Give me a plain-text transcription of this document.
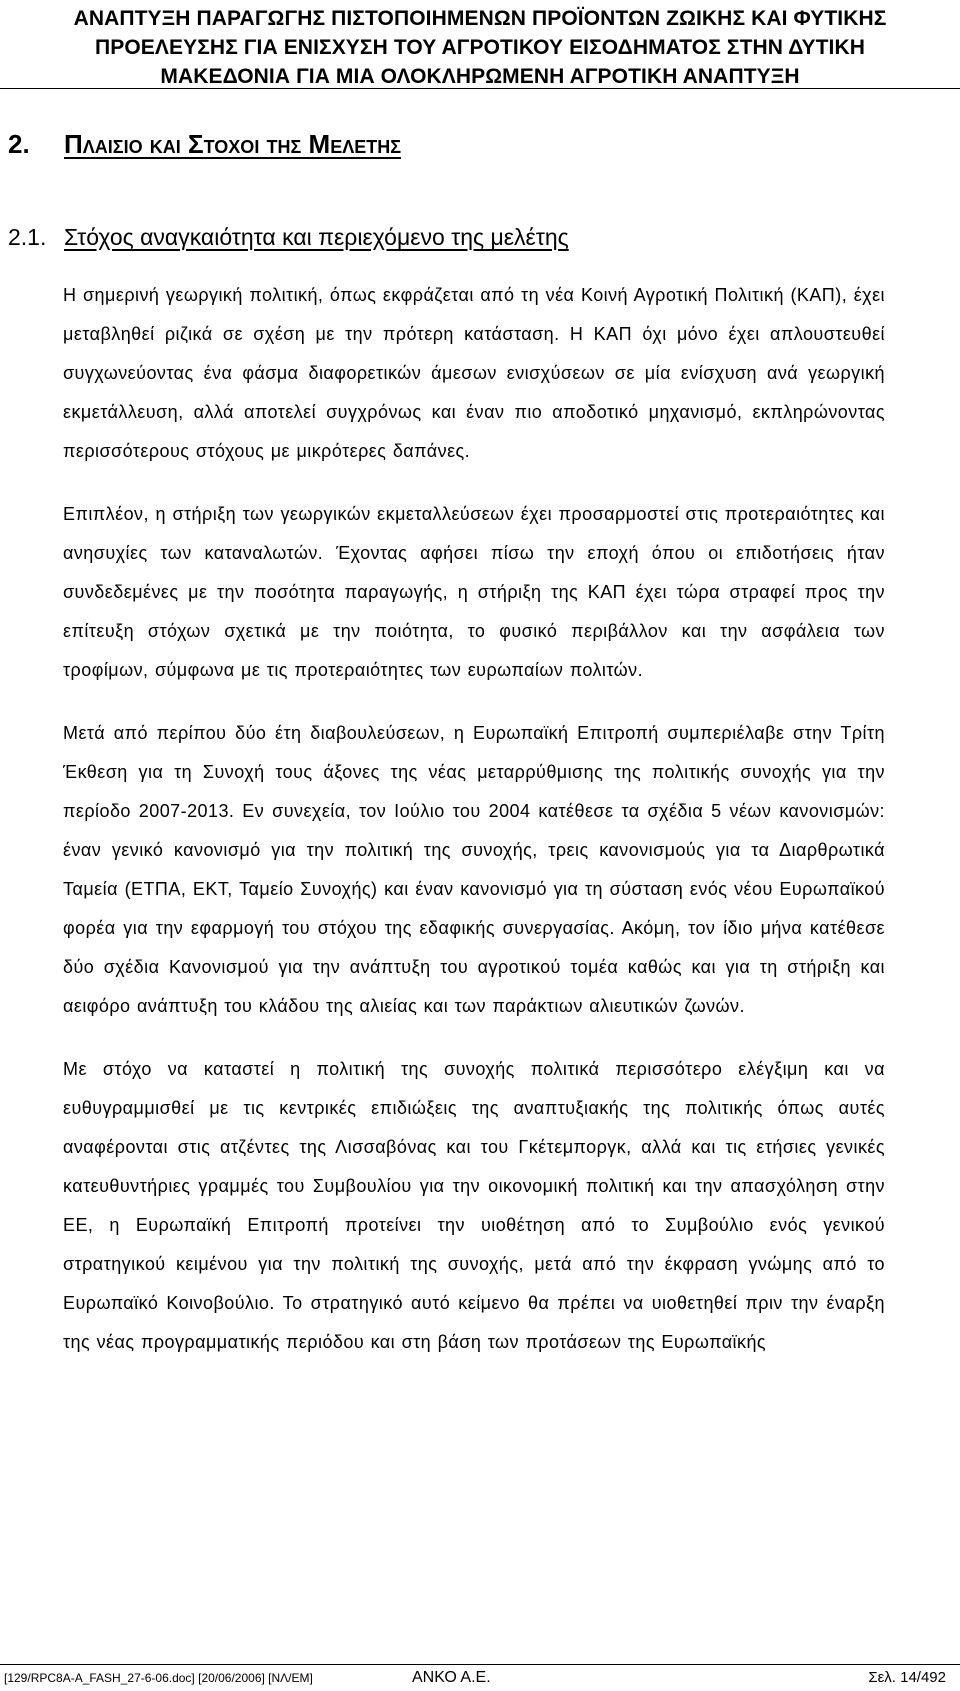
ΑΝΑΠΤΥΞΗ ΠΑΡΑΓΩΓΗΣ ΠΙΣΤΟΠΟΙΗΜΕΝΩΝ ΠΡΟΪΟΝΤΩΝ ΖΩΙΚΗΣ ΚΑΙ ΦΥΤΙΚΗΣ
ΠΡΟΕΛΕΥΣΗΣ ΓΙΑ ΕΝΙΣΧΥΣΗ ΤΟΥ ΑΓΡΟΤΙΚΟΥ ΕΙΣΟΔΗΜΑΤΟΣ ΣΤΗΝ ΔΥΤΙΚΗ
ΜΑΚΕΔΟΝΙΑ ΓΙΑ ΜΙΑ ΟΛΟΚΛΗΡΩΜΕΝΗ ΑΓΡΟΤΙΚΗ ΑΝΑΠΤΥΞΗ
2. Πλαισιο και Στοχοι της Μελετης
2.1. Στόχος αναγκαιότητα και περιεχόμενο της μελέτης

Η σημερινή γεωργική πολιτική, όπως εκφράζεται από τη νέα Κοινή Αγροτική Πολιτική (ΚΑΠ), έχει μεταβληθεί ριζικά σε σχέση με την πρότερη κατάσταση. Η ΚΑΠ όχι μόνο έχει απλουστευθεί συγχωνεύοντας ένα φάσμα διαφορετικών άμεσων ενισχύσεων σε μία ενίσχυση ανά γεωργική εκμετάλλευση, αλλά αποτελεί συγχρόνως και έναν πιο αποδοτικό μηχανισμό, εκπληρώνοντας περισσότερους στόχους με μικρότερες δαπάνες.

Επιπλέον, η στήριξη των γεωργικών εκμεταλλεύσεων έχει προσαρμοστεί στις προτεραιότητες και ανησυχίες των καταναλωτών. Έχοντας αφήσει πίσω την εποχή όπου οι επιδοτήσεις ήταν συνδεδεμένες με την ποσότητα παραγωγής, η στήριξη της ΚΑΠ έχει τώρα στραφεί προς την επίτευξη στόχων σχετικά με την ποιότητα, το φυσικό περιβάλλον και την ασφάλεια των τροφίμων, σύμφωνα με τις προτεραιότητες των ευρωπαίων πολιτών.

Μετά από περίπου δύο έτη διαβουλεύσεων, η Ευρωπαϊκή Επιτροπή συμπεριέλαβε στην Τρίτη Έκθεση για τη Συνοχή τους άξονες της νέας μεταρρύθμισης της πολιτικής συνοχής για την περίοδο 2007-2013. Εν συνεχεία, τον Ιούλιο του 2004 κατέθεσε τα σχέδια 5 νέων κανονισμών: έναν γενικό κανονισμό για την πολιτική της συνοχής, τρεις κανονισμούς για τα Διαρθρωτικά Ταμεία (ΕΤΠΑ, ΕΚΤ, Ταμείο Συνοχής) και έναν κανονισμό για τη σύσταση ενός νέου Ευρωπαϊκού φορέα για την εφαρμογή του στόχου της εδαφικής συνεργασίας. Ακόμη, τον ίδιο μήνα κατέθεσε δύο σχέδια Κανονισμού για την ανάπτυξη του αγροτικού τομέα καθώς και για τη στήριξη και αειφόρο ανάπτυξη του κλάδου της αλιείας και των παράκτιων αλιευτικών ζωνών.

Με στόχο να καταστεί η πολιτική της συνοχής πολιτικά περισσότερο ελέγξιμη και να ευθυγραμμισθεί με τις κεντρικές επιδιώξεις της αναπτυξιακής της πολιτικής όπως αυτές αναφέρονται στις ατζέντες της Λισσαβόνας και του Γκέτεμποργκ, αλλά και τις ετήσιες γενικές κατευθυντήριες γραμμές του Συμβουλίου για την οικονομική πολιτική και την απασχόληση στην ΕΕ, η Ευρωπαϊκή Επιτροπή προτείνει την υιοθέτηση από το Συμβούλιο ενός γενικού στρατηγικού κειμένου για την πολιτική της συνοχής, μετά από την έκφραση γνώμης από το Ευρωπαϊκό Κοινοβούλιο. Το στρατηγικό αυτό κείμενο θα πρέπει να υιοθετηθεί πριν την έναρξη της νέας προγραμματικής περιόδου και στη βάση των προτάσεων της Ευρωπαϊκής

[129/RPC8A-A_FASH_27-6-06.doc] [20/06/2006] [ΝΛ/ΕΜ]	ΑΝΚΟ Α.Ε.	Σελ. 14/492
